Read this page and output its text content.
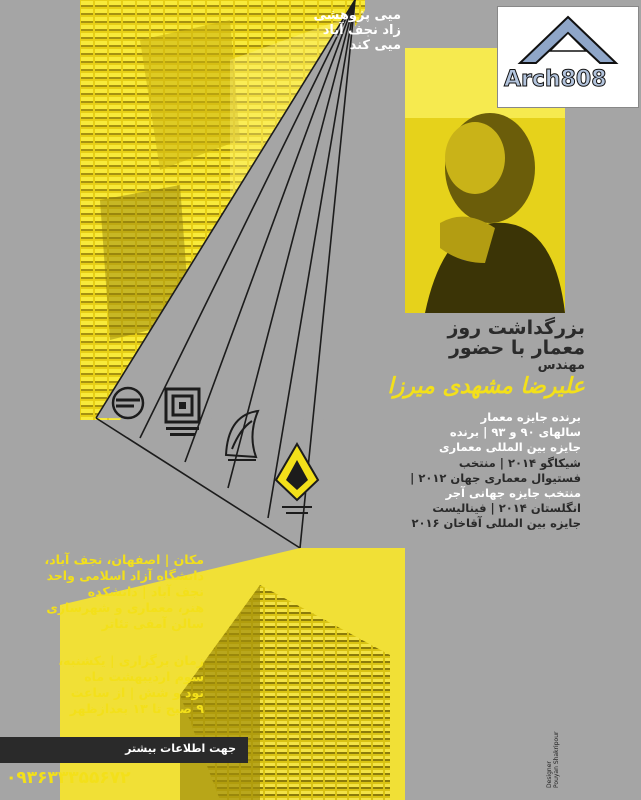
Arch808
میی پژوهشی
زاد نجف آباد
میی کند
بزرگداشت روز
معمار با حضور
مهندس
علیرضا مشهدی میرزا
برنده جایزه معمار
سالهای ۹۰ و ۹۳ | برنده
جایزه بین المللی معماری
شیکاگو ۲۰۱۴ | منتخب
فستیوال معماری جهان ۲۰۱۲ |
منتخب جایزه جهانی آجر
انگلستان ۲۰۱۴ | فینالیست
جایزه بین المللی آقاخان ۲۰۱۶
مکان | اصفهان، نجف آباد،
دانشگاه آزاد اسلامی واحد
نجف آباد | دانشکده
هنر، معماری و شهرسازی
سالن آمفی تئاتر
زمان برگزاری | یکشنبه،
سوم اردیبهشت ماه
نود و شش | از ساعت
۹ صبح تا ۱۳ بعدازظهر
جهت اطلاعات بیشتر
۰۹۳۶۳۳۳۵۵۶۷۲	Designer Pouyan Shakripour
